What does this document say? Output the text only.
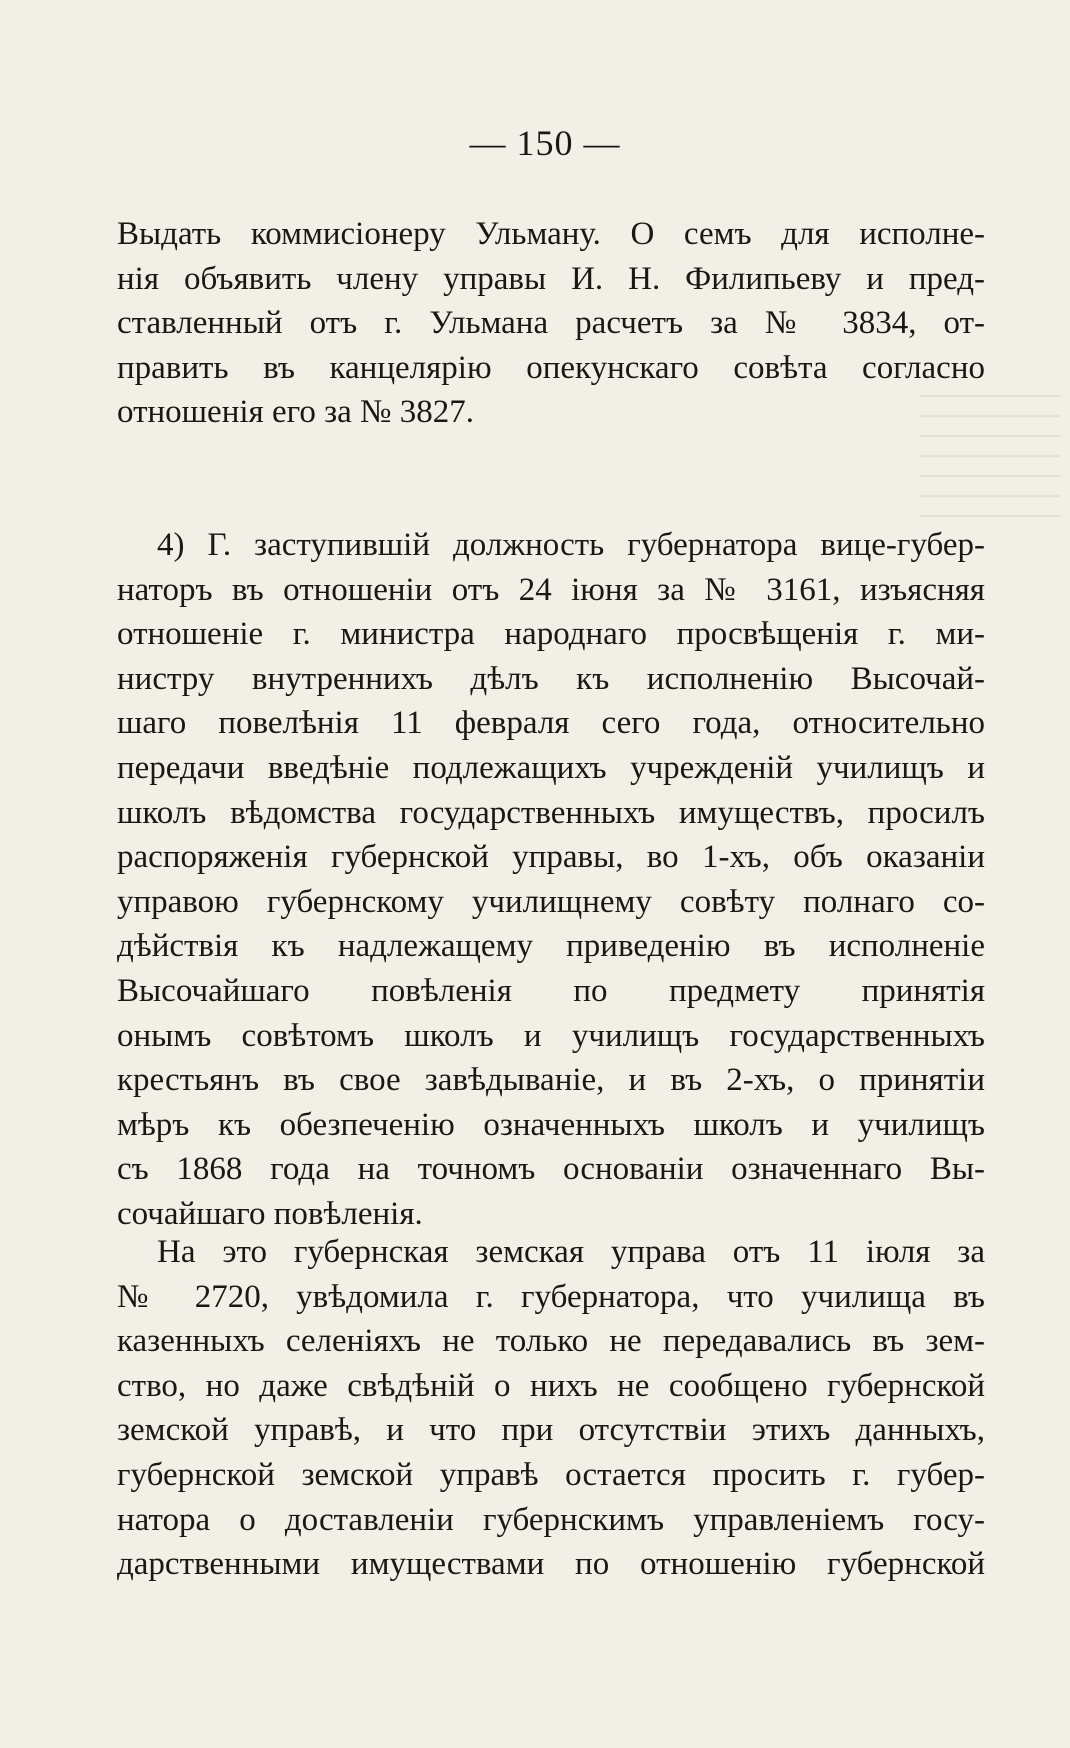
— 150 —
Выдать коммисіонеру Ульману. О семъ для исполне-
нія объявить члену управы И. Н. Филипьеву и пред-
ставленный отъ г. Ульмана расчетъ за № 3834, от-
править въ канцелярію опекунскаго совѣта согласно
отношенія его за № 3827.
4) Г. заступившій должность губернатора вице-губер-
наторъ въ отношеніи отъ 24 іюня за № 3161, изъясняя
отношеніе г. министра народнаго просвѣщенія г. ми-
нистру внутреннихъ дѣлъ къ исполненію Высочай-
шаго повелѣнія 11 февраля сего года, относительно
передачи введѣніе подлежащихъ учрежденій училищъ и
школъ вѣдомства государственныхъ имуществъ, просилъ
распоряженія губернской управы, во 1-хъ, объ оказаніи
управою губернскому училищнему совѣту полнаго со-
дѣйствія къ надлежащему приведенію въ исполненіе
Высочайшаго повѣленія по предмету принятія
онымъ совѣтомъ школъ и училищъ государственныхъ
крестьянъ въ свое завѣдываніе, и въ 2-хъ, о принятіи
мѣръ къ обезпеченію означенныхъ школъ и училищъ
съ 1868 года на точномъ основаніи означеннаго Вы-
сочайшаго повѣленія.
На это губернская земская управа отъ 11 іюля за
№ 2720, увѣдомила г. губернатора, что училища въ
казенныхъ селеніяхъ не только не передавались въ зем-
ство, но даже свѣдѣній о нихъ не сообщено губернской
земской управѣ, и что при отсутствіи этихъ данныхъ,
губернской земской управѣ остается просить г. губер-
натора о доставленіи губернскимъ управленіемъ госу-
дарственными имуществами по отношенію губернской
